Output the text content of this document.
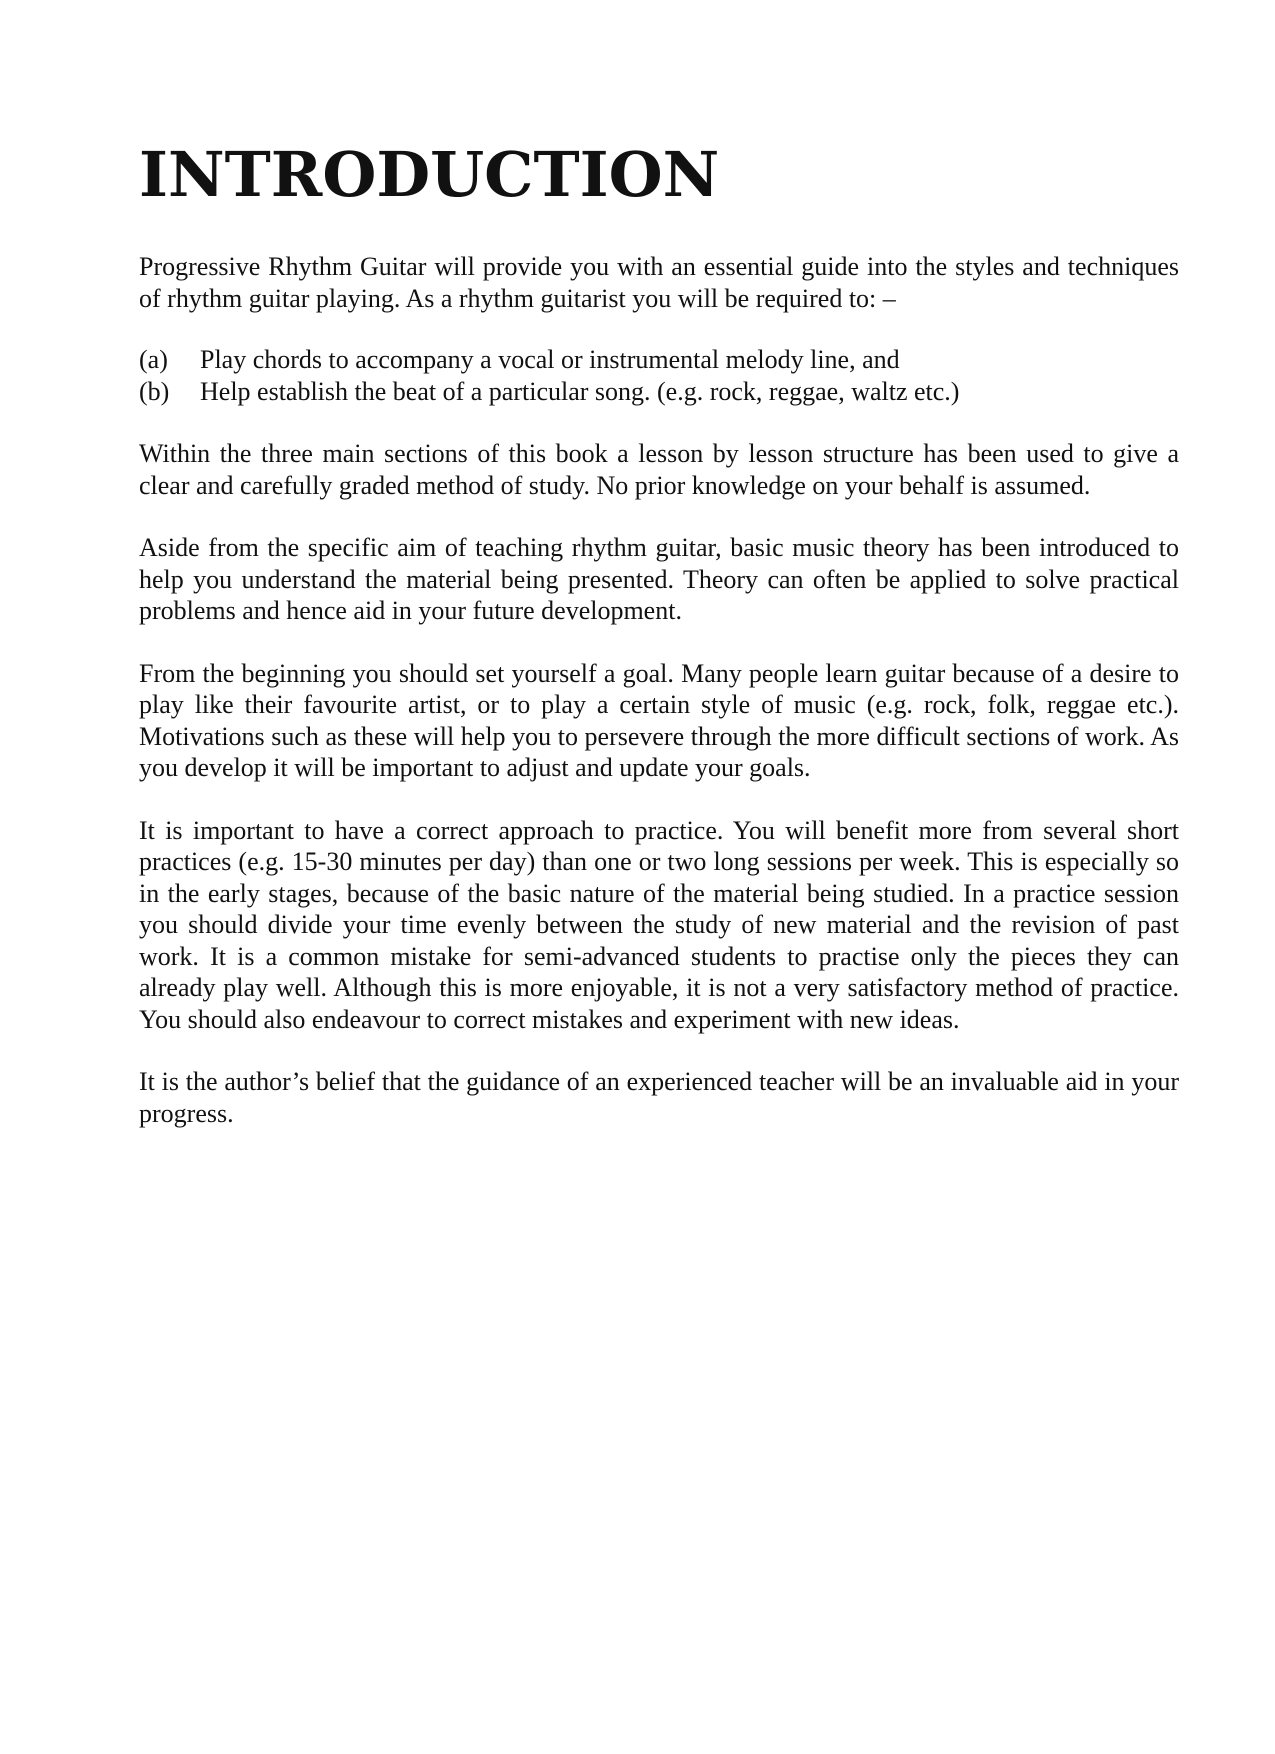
INTRODUCTION

Progressive Rhythm Guitar will provide you with an essential guide into the styles and techniques of rhythm guitar playing. As a rhythm guitarist you will be required to: –

(a)	Play chords to accompany a vocal or instrumental melody line, and
(b)	Help establish the beat of a particular song. (e.g. rock, reggae, waltz etc.)

Within the three main sections of this book a lesson by lesson structure has been used to give a clear and carefully graded method of study. No prior knowledge on your behalf is assumed.

Aside from the specific aim of teaching rhythm guitar, basic music theory has been introduced to help you understand the material being presented. Theory can often be applied to solve practical problems and hence aid in your future development.

From the beginning you should set yourself a goal. Many people learn guitar because of a desire to play like their favourite artist, or to play a certain style of music (e.g. rock, folk, reggae etc.). Motivations such as these will help you to persevere through the more difficult sections of work. As you develop it will be important to adjust and update your goals.

It is important to have a correct approach to practice. You will benefit more from several short practices (e.g. 15-30 minutes per day) than one or two long sessions per week. This is especially so in the early stages, because of the basic nature of the material being studied. In a practice session you should divide your time evenly between the study of new material and the revision of past work. It is a common mistake for semi-advanced students to practise only the pieces they can already play well. Although this is more enjoyable, it is not a very satisfactory method of practice. You should also endeavour to correct mistakes and experiment with new ideas.

It is the author’s belief that the guidance of an experienced teacher will be an invaluable aid in your progress.
